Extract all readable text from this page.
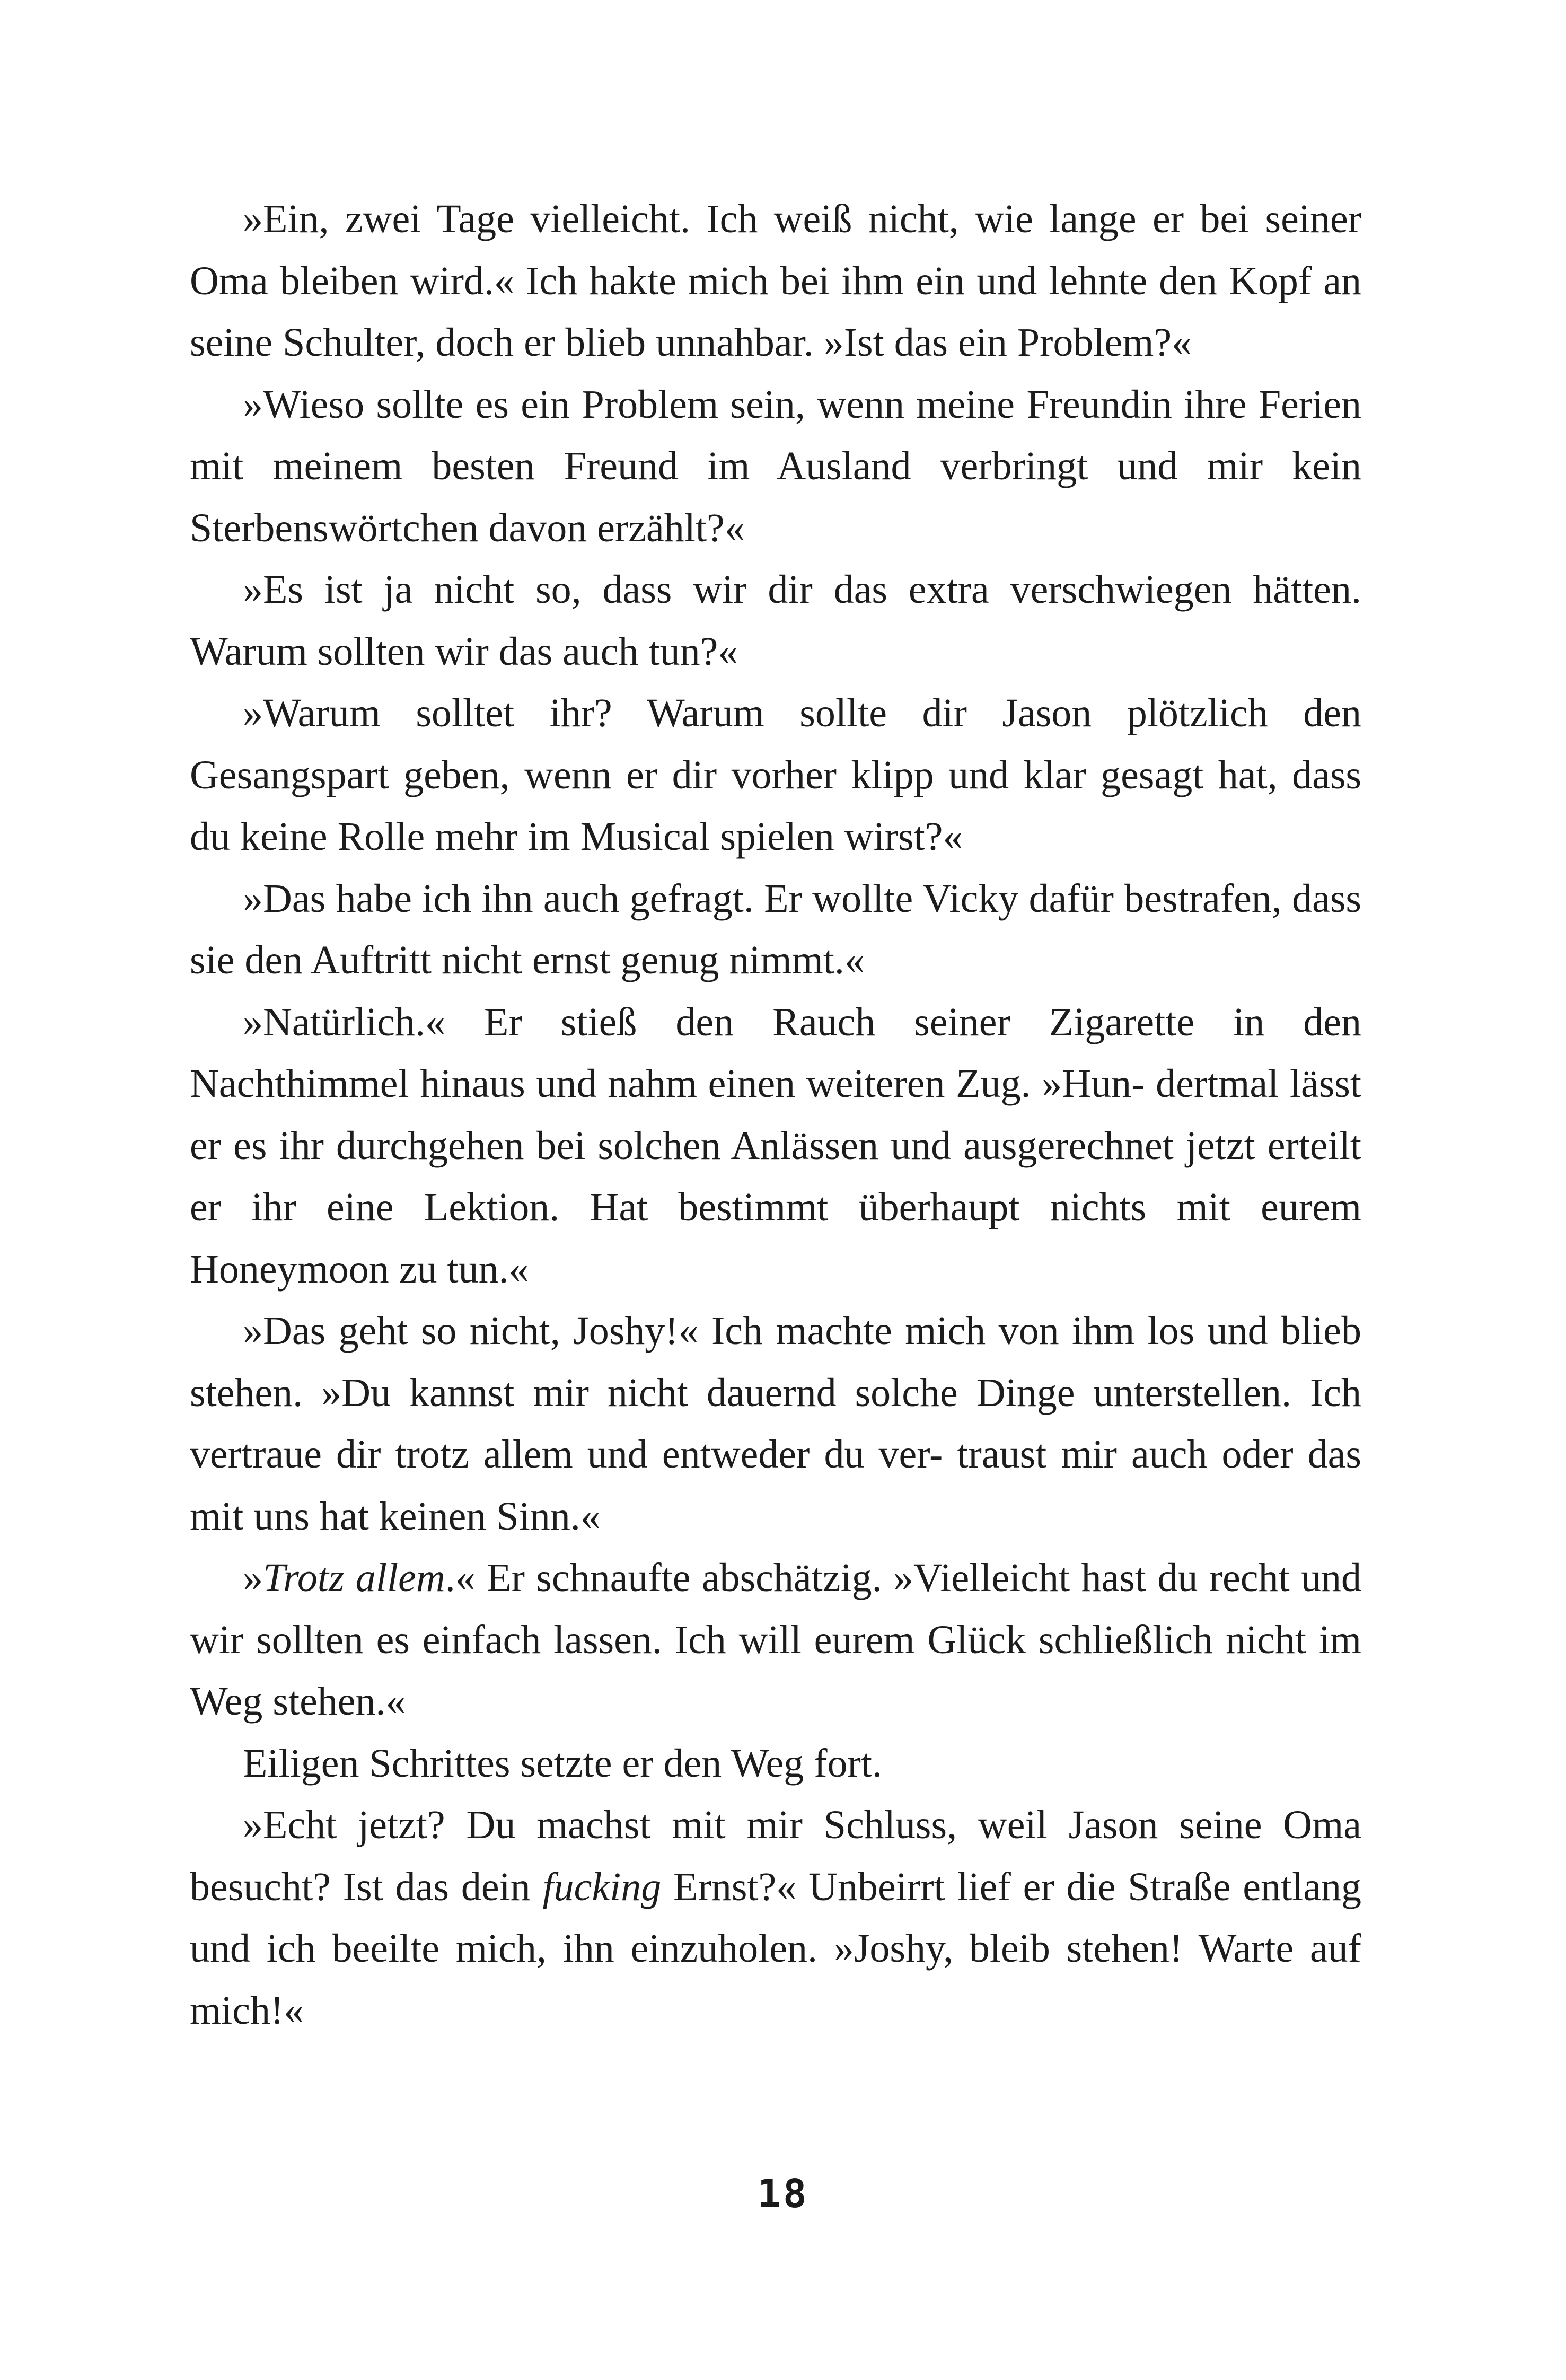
»Ein, zwei Tage vielleicht. Ich weiß nicht, wie lange er bei seiner Oma bleiben wird.« Ich hakte mich bei ihm ein und lehnte den Kopf an seine Schulter, doch er blieb unnahbar. »Ist das ein Problem?«

»Wieso sollte es ein Problem sein, wenn meine Freundin ihre Ferien mit meinem besten Freund im Ausland verbringt und mir kein Sterbenswörtchen davon erzählt?«

»Es ist ja nicht so, dass wir dir das extra verschwiegen hätten. Warum sollten wir das auch tun?«

»Warum solltet ihr? Warum sollte dir Jason plötzlich den Gesangspart geben, wenn er dir vorher klipp und klar gesagt hat, dass du keine Rolle mehr im Musical spielen wirst?«

»Das habe ich ihn auch gefragt. Er wollte Vicky dafür bestrafen, dass sie den Auftritt nicht ernst genug nimmt.«

»Natürlich.« Er stieß den Rauch seiner Zigarette in den Nachthimmel hinaus und nahm einen weiteren Zug. »Hun- dertmal lässt er es ihr durchgehen bei solchen Anlässen und ausgerechnet jetzt erteilt er ihr eine Lektion. Hat bestimmt überhaupt nichts mit eurem Honeymoon zu tun.«

»Das geht so nicht, Joshy!« Ich machte mich von ihm los und blieb stehen. »Du kannst mir nicht dauernd solche Dinge unterstellen. Ich vertraue dir trotz allem und entweder du ver- traust mir auch oder das mit uns hat keinen Sinn.«

»Trotz allem.« Er schnaufte abschätzig. »Vielleicht hast du recht und wir sollten es einfach lassen. Ich will eurem Glück schließlich nicht im Weg stehen.«

Eiligen Schrittes setzte er den Weg fort.

»Echt jetzt? Du machst mit mir Schluss, weil Jason seine Oma besucht? Ist das dein fucking Ernst?« Unbeirrt lief er die Straße entlang und ich beeilte mich, ihn einzuholen. »Joshy, bleib stehen! Warte auf mich!«

18
